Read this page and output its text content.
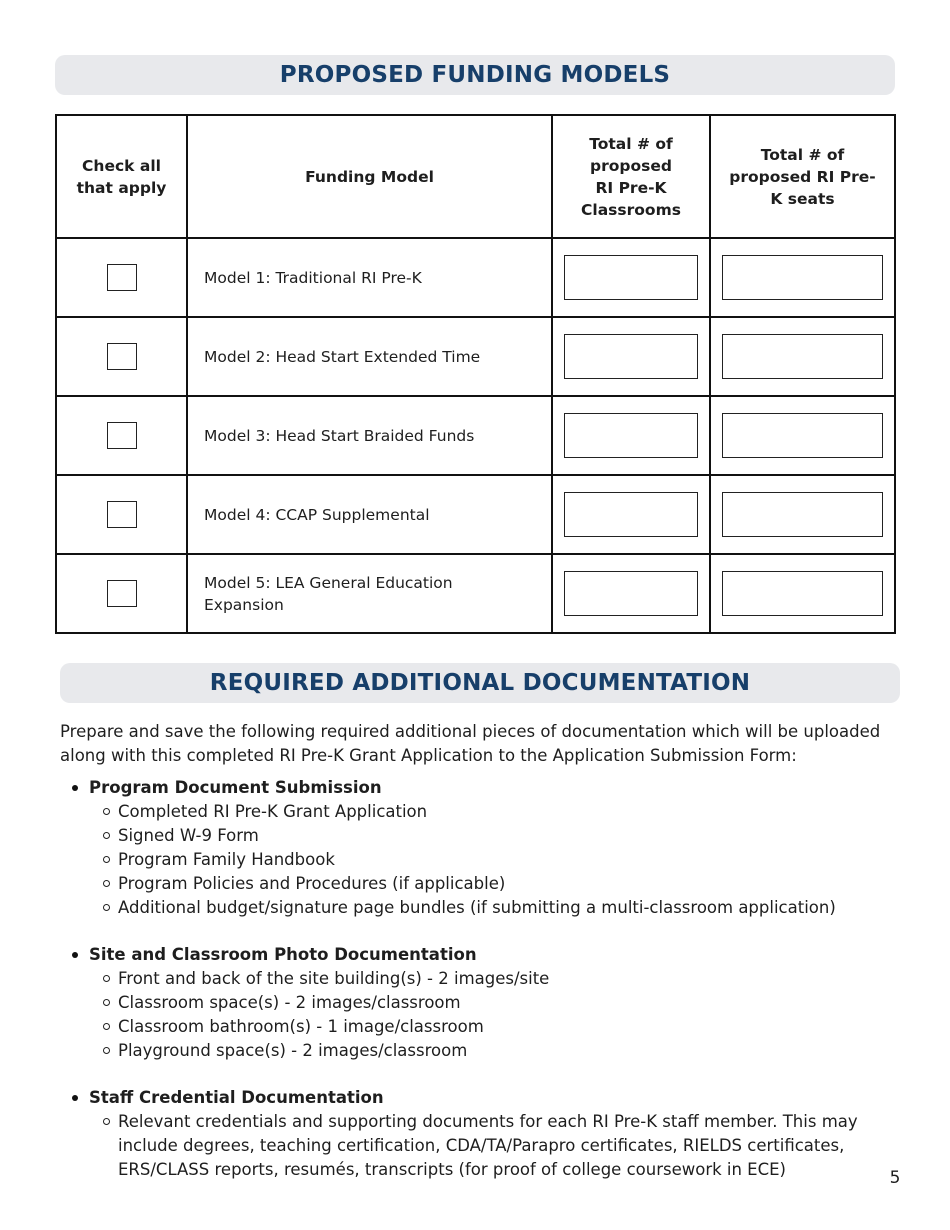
PROPOSED FUNDING MODELS
Check all that apply	Funding Model	Total # of proposed RI Pre-K Classrooms	Total # of proposed RI Pre-K seats
	Model 1: Traditional RI Pre-K		
	Model 2: Head Start Extended Time		
	Model 3: Head Start Braided Funds		
	Model 4: CCAP Supplemental		
	Model 5: LEA General Education Expansion		
REQUIRED ADDITIONAL DOCUMENTATION
Prepare and save the following required additional pieces of documentation which will be uploaded along with this completed RI Pre-K Grant Application to the Application Submission Form:
Program Document Submission
Completed RI Pre-K Grant Application
Signed W-9 Form
Program Family Handbook
Program Policies and Procedures (if applicable)
Additional budget/signature page bundles (if submitting a multi-classroom application)
Site and Classroom Photo Documentation
Front and back of the site building(s) - 2 images/site
Classroom space(s) - 2 images/classroom
Classroom bathroom(s) - 1 image/classroom
Playground space(s) - 2 images/classroom
Staff Credential Documentation
Relevant credentials and supporting documents for each RI Pre-K staff member. This may include degrees, teaching certification, CDA/TA/Parapro certificates, RIELDS certificates, ERS/CLASS reports, resumés, transcripts (for proof of college coursework in ECE)	5
